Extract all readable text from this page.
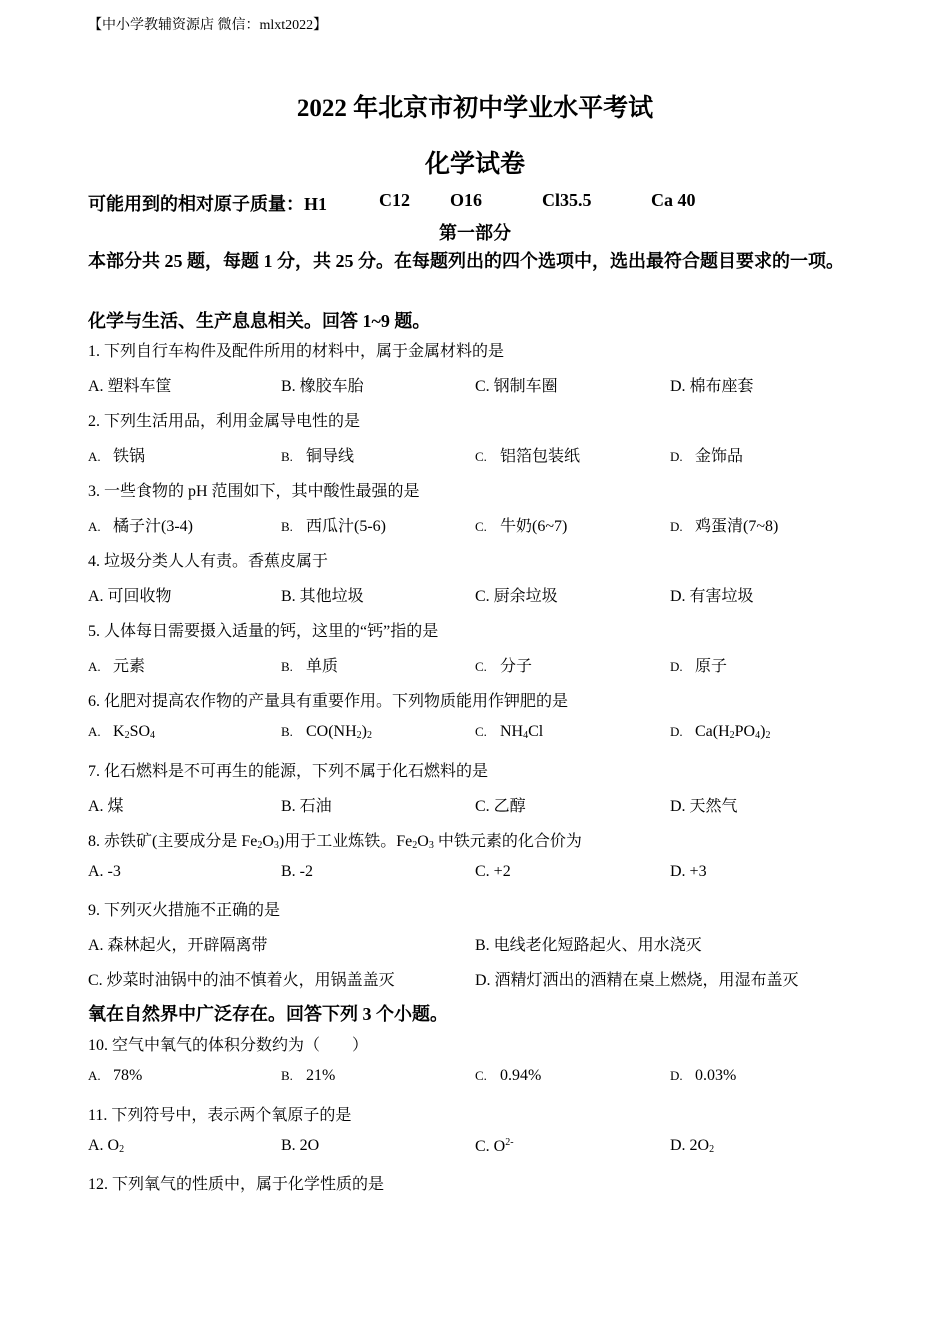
【中小学教辅资源店 微信：mlxt2022】
2022 年北京市初中学业水平考试
化学试卷
可能用到的相对原子质量：H1	C12 O16	Cl35.5	Ca 40
第一部分
本部分共 25 题，每题 1 分，共 25 分。在每题列出的四个选项中，选出最符合题目要求的一项。
化学与生活、生产息息相关。回答 1~9 题。
1. 下列自行车构件及配件所用的材料中，属于金属材料的是
A. 塑料车筐	B. 橡胶车胎	C. 钢制车圈	D. 棉布座套
2. 下列生活用品，利用金属导电性的是
A. 铁锅	B. 铜导线	C. 铝箔包装纸	D. 金饰品
3. 一些食物的 pH 范围如下，其中酸性最强的是
A. 橘子汁(3-4)	B. 西瓜汁(5-6)	C. 牛奶(6~7)	D. 鸡蛋清(7~8)
4. 垃圾分类人人有责。香蕉皮属于
A. 可回收物	B. 其他垃圾	C. 厨余垃圾	D. 有害垃圾
5. 人体每日需要摄入适量的钙，这里的“钙”指的是
A. 元素	B. 单质	C. 分子	D. 原子
6. 化肥对提高农作物的产量具有重要作用。下列物质能用作钾肥的是
A. $K_2SO_4$	B. $CO(NH_2)_2$	C. $NH_4Cl$	D. $Ca(H_2PO_4)_2$
7. 化石燃料是不可再生的能源，下列不属于化石燃料的是
A. 煤	B. 石油	C. 乙醇	D. 天然气
8. 赤铁矿(主要成分是 $Fe_2O_3$)用于工业炼铁。$Fe_2O_3$ 中铁元素的化合价为
A. -3	B. -2	C. +2	D. +3
9. 下列灭火措施不正确的是
A. 森林起火，开辟隔离带	B. 电线老化短路起火、用水浇灭
C. 炒菜时油锅中的油不慎着火，用锅盖盖灭	D. 酒精灯洒出的酒精在桌上燃烧，用湿布盖灭
氧在自然界中广泛存在。回答下列 3 个小题。
10. 空气中氧气的体积分数约为（　　）
A. 78%	B. 21%	C. 0.94%	D. 0.03%
11. 下列符号中，表示两个氧原子的是
A. $O_2$	B. 2O	C. $O^{2-}$	D. $2O_2$
12. 下列氧气的性质中，属于化学性质的是
